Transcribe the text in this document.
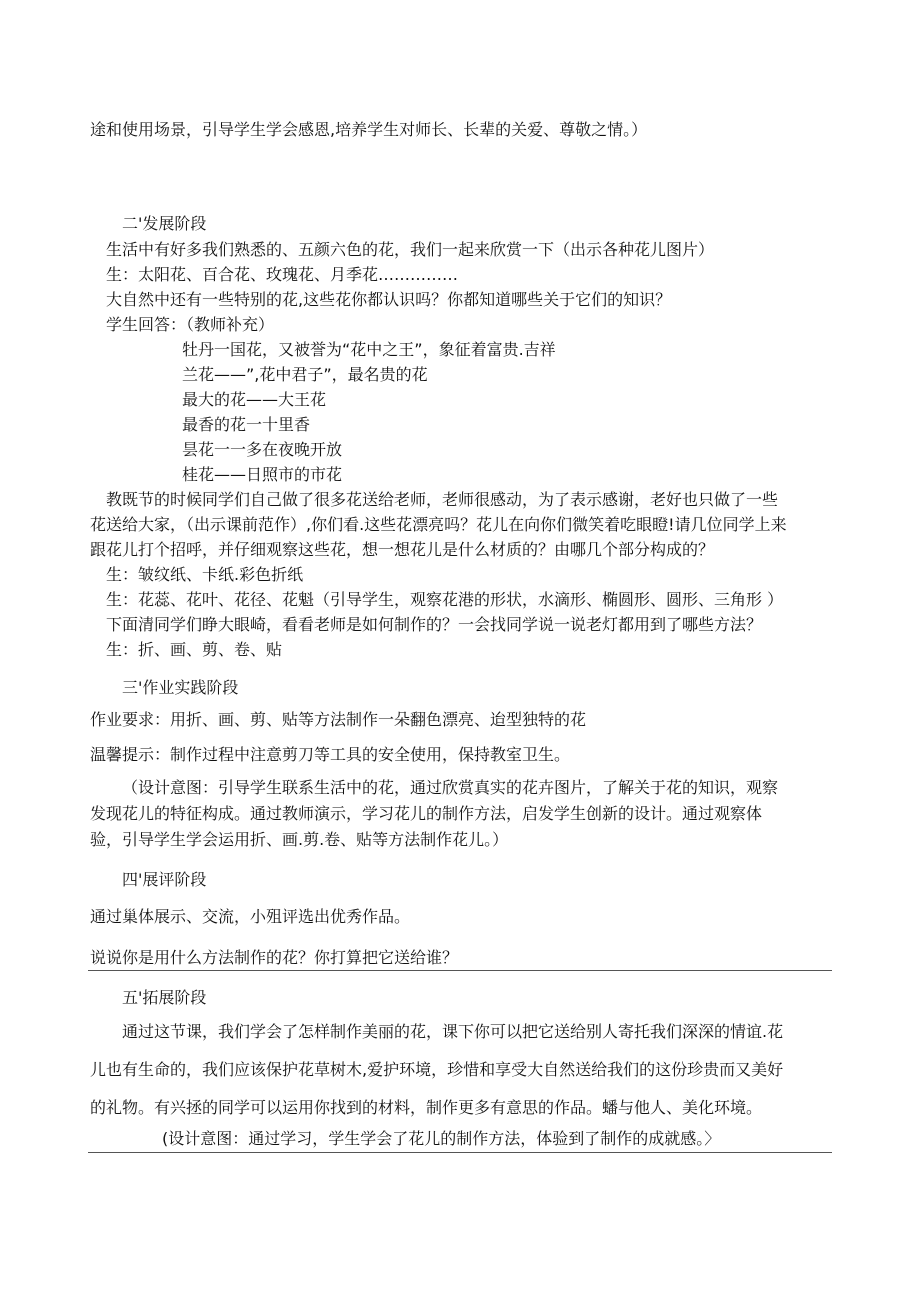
途和使用场景，引导学生学会感恩,培养学生对师长、长辈的关爱、尊敬之情。）
二'发展阶段
生活中有好多我们熟悉的、五颜六色的花，我们一起来欣赏一下（出示各种花儿图片）
生：太阳花、百合花、玫瑰花、月季花……………
大自然中还有一些特别的花,这些花你都认识吗？你都知道哪些关于它们的知识？
学生回答：（教师补充）
牡丹一国花，又被誉为“花中之王”，象征着富贵.吉祥
兰花——”,花中君子”，最名贵的花
最大的花——大王花
最香的花一十里香
昙花一一多在夜晚开放
桂花——日照市的市花
教既节的时候同学们自己做了很多花送给老师，老师很感动，为了表示感谢，老好也只做了一些
花送给大家，（出示课前范作）,你们看.这些花漂亮吗？花儿在向你们微笑着吃眼瞪!请几位同学上来
跟花儿打个招呼，并仔细观察这些花，想一想花儿是什么材质的？由哪几个部分构成的？
生：皱纹纸、卡纸.彩色折纸
生：花蕊、花叶、花径、花魁（引导学生，观察花港的形状，水滴形、椭圆形、圆形、三角形 ）
下面清同学们睁大眼崎，看看老师是如何制作的？一会找同学说一说老灯都用到了哪些方法？
生：折、画、剪、卷、贴
三'作业实践阶段
作业要求：用折、画、剪、贴等方法制作一朵翻色漂亮、迨型独特的花
温馨提示：制作过程中注意剪刀等工具的安全使用，保持教室卫生。
（设计意图：引导学生联系生活中的花，通过欣赏真实的花卉图片，了解关于花的知识，观察
发现花儿的特征构成。通过教师演示，学习花儿的制作方法，启发学生创新的设计。通过观察体
验，引导学生学会运用折、画.剪.卷、贴等方法制作花儿。）
四'展评阶段
通过巢体展示、交流，小殂评选出优秀作品。
说说你是用什么方法制作的花？你打算把它送给谁？
五'拓展阶段
通过这节课，我们学会了怎样制作美丽的花，课下你可以把它送给别人寄托我们深深的情谊.花
儿也有生命的，我们应该保护花草树木,爱护环境，珍惜和享受大自然送给我们的这份珍贵而又美好
的礼物。有兴拯的同学可以运用你找到的材料，制作更多有意思的作品。蟠与他人、美化环境。
(设计意图：通过学习，学生学会了花儿的制作方法，体验到了制作的成就感。〉
